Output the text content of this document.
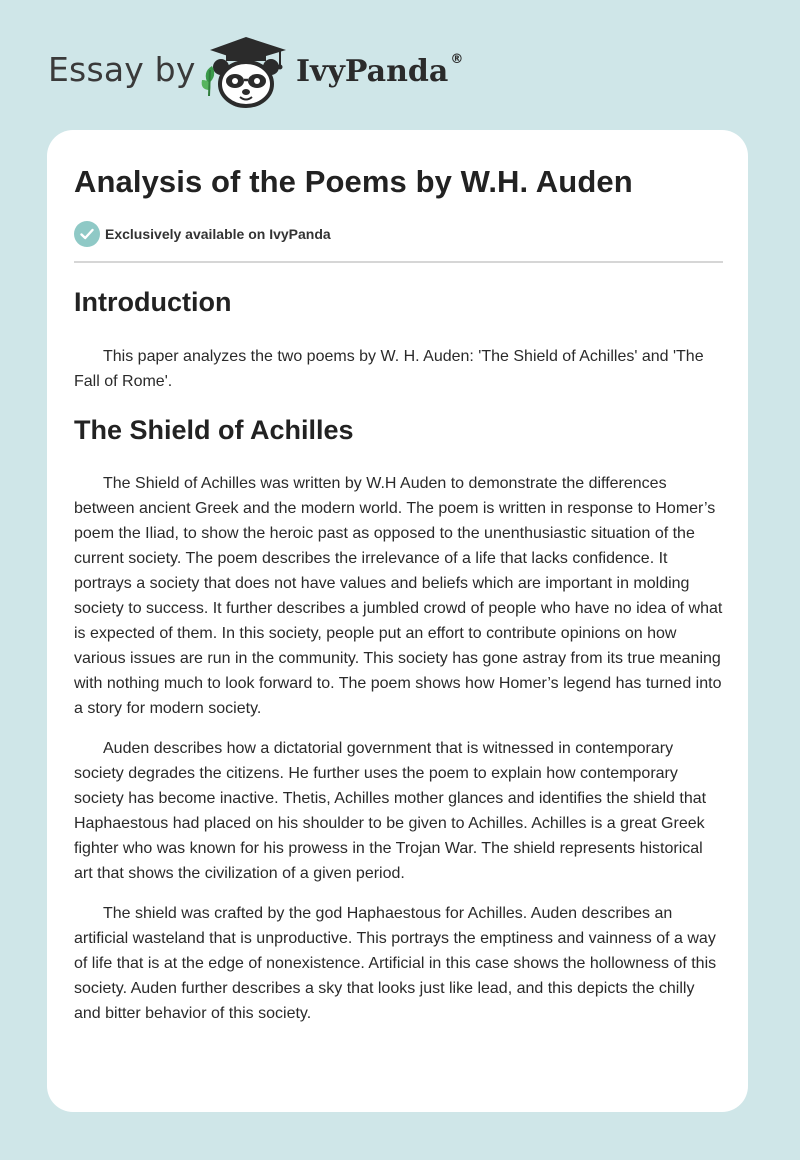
Essay by	IvyPanda ®
Analysis of the Poems by W.H. Auden
Exclusively available on IvyPanda
Introduction

This paper analyzes the two poems by W. H. Auden: 'The Shield of Achilles' and 'The Fall of Rome'.

The Shield of Achilles

The Shield of Achilles was written by W.H Auden to demonstrate the differences between ancient Greek and the modern world. The poem is written in response to Homer’s poem the Iliad, to show the heroic past as opposed to the unenthusiastic situation of the current society. The poem describes the irrelevance of a life that lacks confidence. It portrays a society that does not have values and beliefs which are important in molding society to success. It further describes a jumbled crowd of people who have no idea of what is expected of them. In this society, people put an effort to contribute opinions on how various issues are run in the community. This society has gone astray from its true meaning with nothing much to look forward to. The poem shows how Homer’s legend has turned into a story for modern society.

Auden describes how a dictatorial government that is witnessed in contemporary society degrades the citizens. He further uses the poem to explain how contemporary society has become inactive. Thetis, Achilles mother glances and identifies the shield that Haphaestous had placed on his shoulder to be given to Achilles. Achilles is a great Greek fighter who was known for his prowess in the Trojan War. The shield represents historical art that shows the civilization of a given period.

The shield was crafted by the god Haphaestous for Achilles. Auden describes an artificial wasteland that is unproductive. This portrays the emptiness and vainness of a way of life that is at the edge of nonexistence. Artificial in this case shows the hollowness of this society. Auden further describes a sky that looks just like lead, and this depicts the chilly and bitter behavior of this society.
